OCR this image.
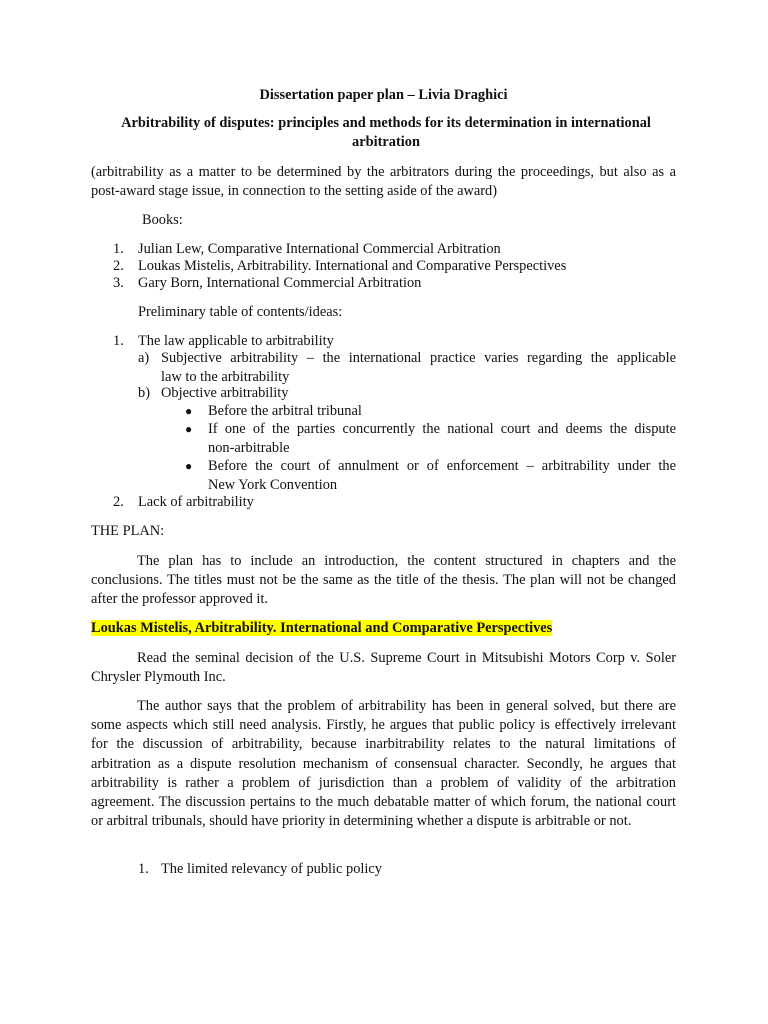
Dissertation paper plan – Livia Draghici
Arbitrability of disputes: principles and methods for its determination in international arbitration
(arbitrability as a matter to be determined by the arbitrators during the proceedings, but also as a post-award stage issue, in connection to the setting aside of the award)
Books:
1. Julian Lew, Comparative International Commercial Arbitration
2. Loukas Mistelis, Arbitrability. International and Comparative Perspectives
3. Gary Born, International Commercial Arbitration
Preliminary table of contents/ideas:
1. The law applicable to arbitrability
a) Subjective arbitrability – the international practice varies regarding the applicable
law to the arbitrability
b) Objective arbitrability
● Before the arbitral tribunal
● If one of the parties concurrently the national court and deems the dispute
non-arbitrable
● Before the court of annulment or of enforcement – arbitrability under the
New York Convention
2. Lack of arbitrability
THE PLAN:
The plan has to include an introduction, the content structured in chapters and the conclusions. The titles must not be the same as the title of the thesis. The plan will not be changed after the professor approved it.
Loukas Mistelis, Arbitrability. International and Comparative Perspectives
Read the seminal decision of the U.S. Supreme Court in Mitsubishi Motors Corp v. Soler Chrysler Plymouth Inc.
The author says that the problem of arbitrability has been in general solved, but there are some aspects which still need analysis. Firstly, he argues that public policy is effectively irrelevant for the discussion of arbitrability, because inarbitrability relates to the natural limitations of arbitration as a dispute resolution mechanism of consensual character. Secondly, he argues that arbitrability is rather a problem of jurisdiction than a problem of validity of the arbitration agreement. The discussion pertains to the much debatable matter of which forum, the national court or arbitral tribunals, should have priority in determining whether a dispute is arbitrable or not.
1. The limited relevancy of public policy
